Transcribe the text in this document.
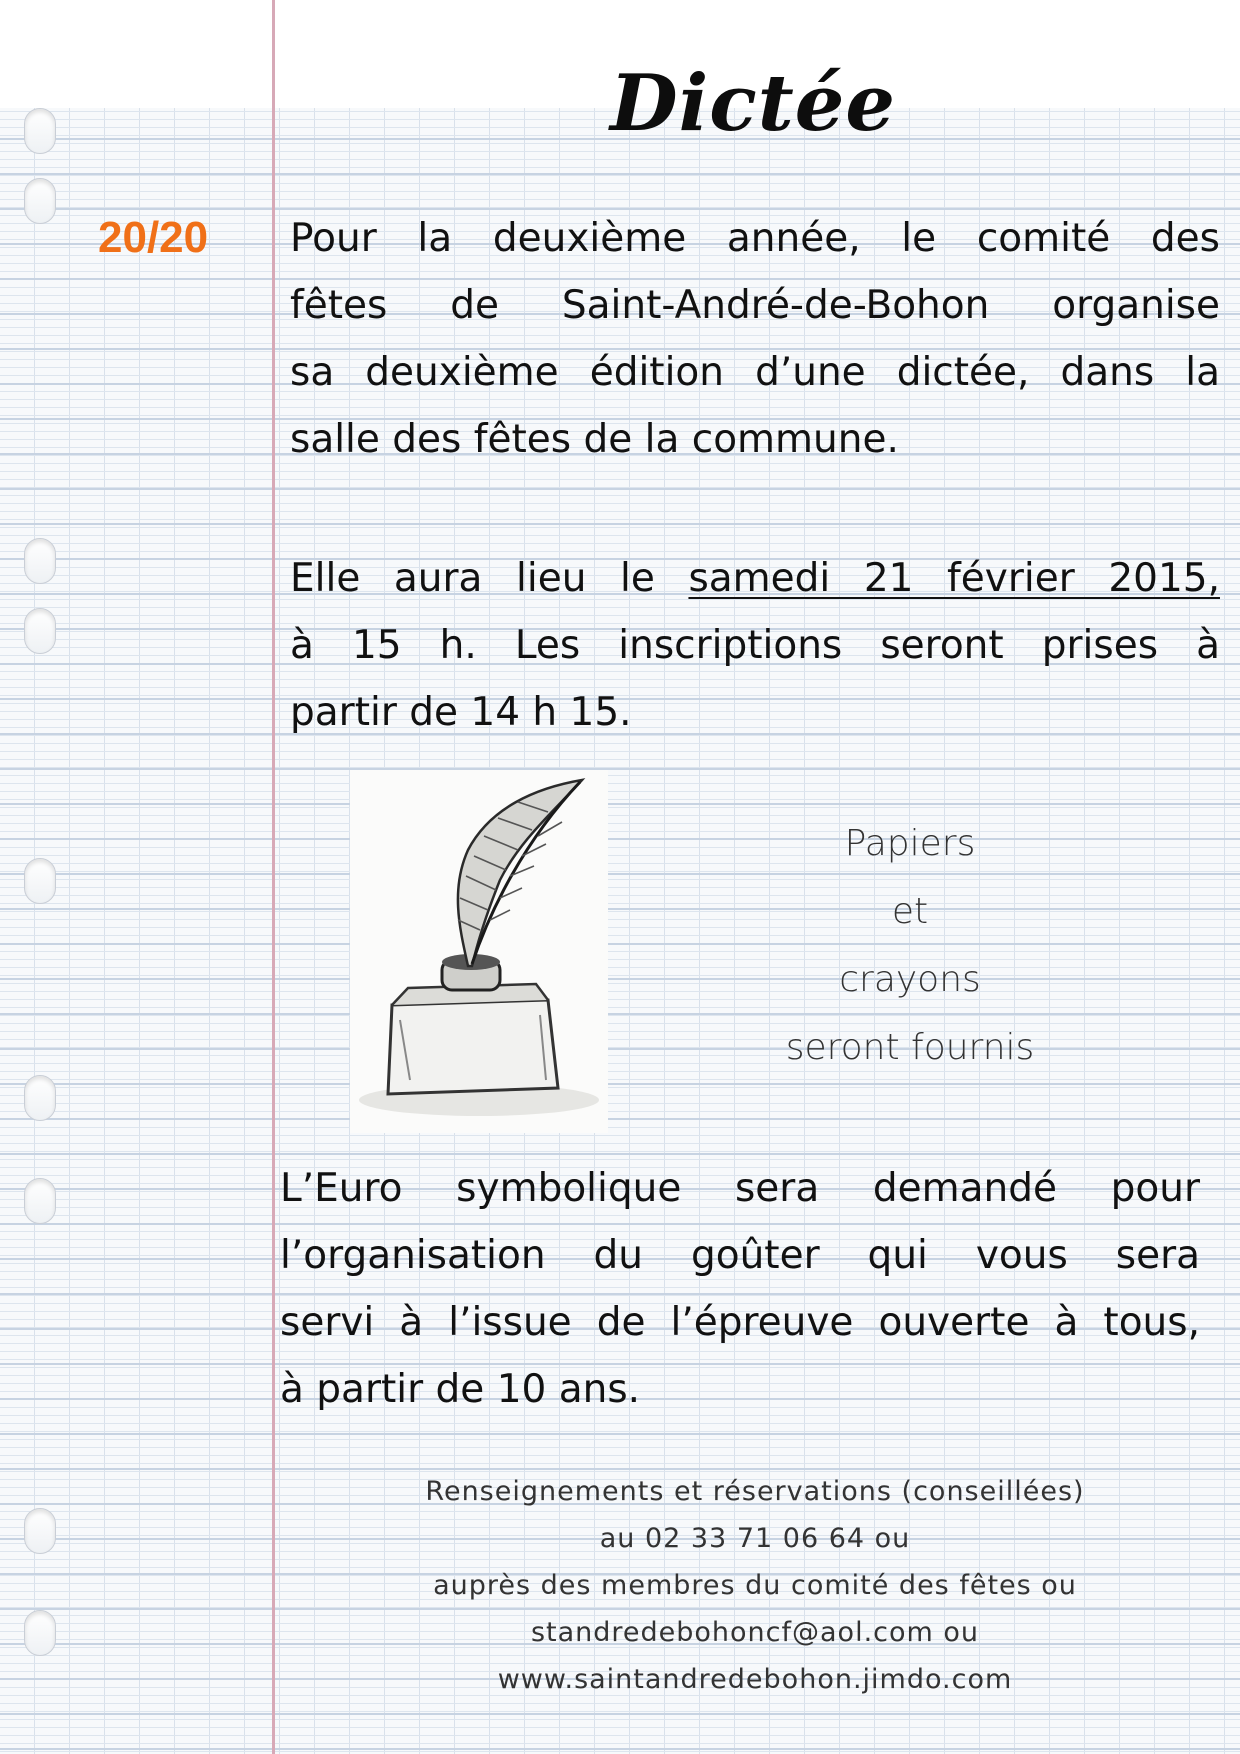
Dictée
20/20 Pour la deuxième année, le comité des
fêtes de Saint-André-de-Bohon organise
sa deuxième édition d’une dictée, dans la
salle des fêtes de la commune.
Elle aura lieu le samedi 21 février 2015,
à 15 h. Les inscriptions seront prises à
partir de 14 h 15.
Papiers
et
crayons
seront fournis
L’Euro symbolique sera demandé pour
l’organisation du goûter qui vous sera
servi à l’issue de l’épreuve ouverte à tous,
à partir de 10 ans.
Renseignements et réservations (conseillées)
au 02 33 71 06 64 ou
auprès des membres du comité des fêtes ou
standredebohoncf@aol.com ou
www.saintandredebohon.jimdo.com
